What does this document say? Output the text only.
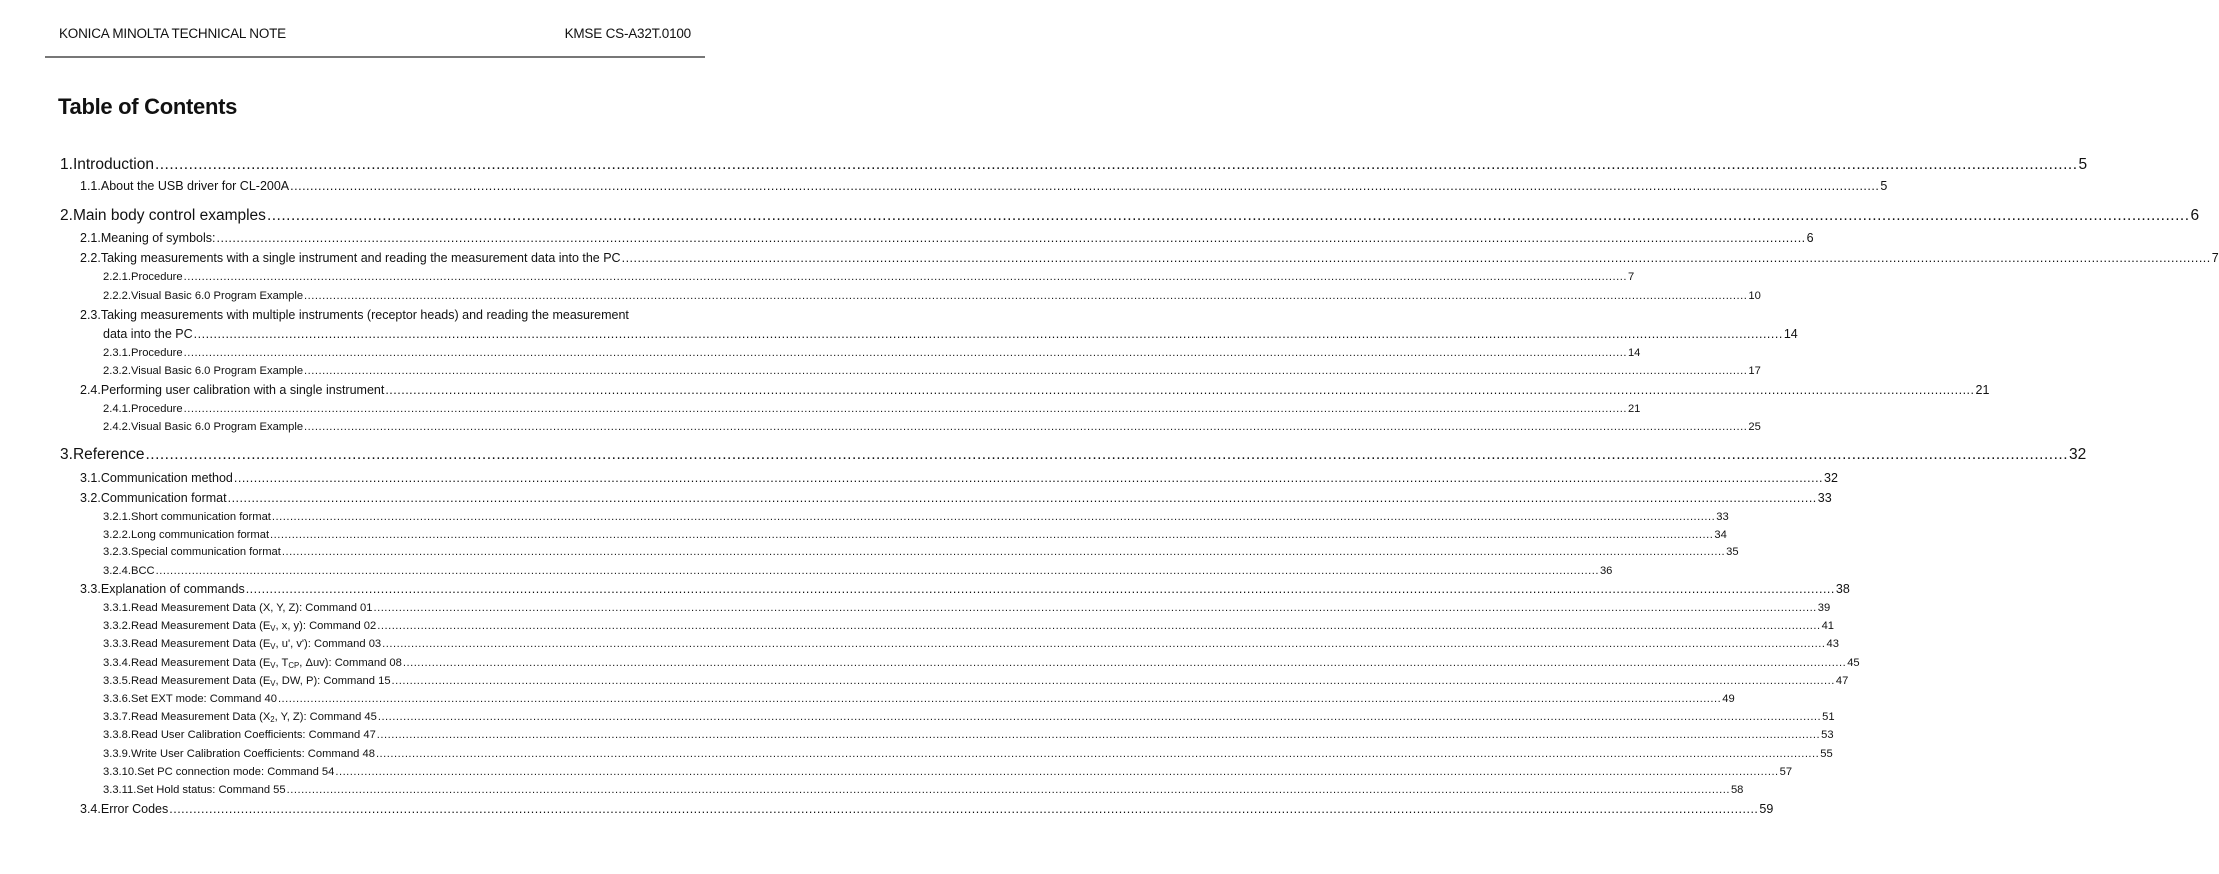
KONICA MINOLTA TECHNICAL NOTE	KMSE CS-A32T.0100
Table of Contents
1. Introduction ................................................................................................................................................................................................................................................................................................................................................................................................................ 5
1.1. About the USB driver for CL-200A ................................................................................................................................................................................................................................................................................................................................................................................................................ 5
2. Main body control examples ................................................................................................................................................................................................................................................................................................................................................................................................................ 6
2.1. Meaning of symbols: ................................................................................................................................................................................................................................................................................................................................................................................................................ 6
2.2. Taking measurements with a single instrument and reading the measurement data into the PC ................................................................................................................................................................................................................................................................................................................................................................................................................ 7
2.2.1. Procedure ................................................................................................................................................................................................................................................................................................................................................................................................................ 7
2.2.2. Visual Basic 6.0 Program Example ................................................................................................................................................................................................................................................................................................................................................................................................................ 10
2.3.Taking measurements with multiple instruments (receptor heads) and reading the measurement
data into the PC ................................................................................................................................................................................................................................................................................................................................................................................................................ 14
2.3.1. Procedure ................................................................................................................................................................................................................................................................................................................................................................................................................ 14
2.3.2. Visual Basic 6.0 Program Example ................................................................................................................................................................................................................................................................................................................................................................................................................ 17
2.4. Performing user calibration with a single instrument ................................................................................................................................................................................................................................................................................................................................................................................................................ 21
2.4.1. Procedure ................................................................................................................................................................................................................................................................................................................................................................................................................ 21
2.4.2. Visual Basic 6.0 Program Example ................................................................................................................................................................................................................................................................................................................................................................................................................ 25
3. Reference ................................................................................................................................................................................................................................................................................................................................................................................................................ 32
3.1. Communication method ................................................................................................................................................................................................................................................................................................................................................................................................................ 32
3.2. Communication format ................................................................................................................................................................................................................................................................................................................................................................................................................ 33
3.2.1. Short communication format ................................................................................................................................................................................................................................................................................................................................................................................................................ 33
3.2.2. Long communication format ................................................................................................................................................................................................................................................................................................................................................................................................................ 34
3.2.3. Special communication format ................................................................................................................................................................................................................................................................................................................................................................................................................ 35
3.2.4. BCC ................................................................................................................................................................................................................................................................................................................................................................................................................ 36
3.3. Explanation of commands ................................................................................................................................................................................................................................................................................................................................................................................................................ 38
3.3.1. Read Measurement Data (X, Y, Z): Command 01 ................................................................................................................................................................................................................................................................................................................................................................................................................ 39
3.3.2. Read Measurement Data ($E_V$, x, y): Command 02 ................................................................................................................................................................................................................................................................................................................................................................................................................ 41
3.3.3. Read Measurement Data ($E_V$, u', v'): Command 03 ................................................................................................................................................................................................................................................................................................................................................................................................................ 43
3.3.4. Read Measurement Data ($E_V$, $T_{CP}$, Δuv): Command 08 ................................................................................................................................................................................................................................................................................................................................................................................................................ 45
3.3.5. Read Measurement Data ($E_V$, DW, P): Command 15 ................................................................................................................................................................................................................................................................................................................................................................................................................ 47
3.3.6. Set EXT mode: Command 40 ................................................................................................................................................................................................................................................................................................................................................................................................................ 49
3.3.7. Read Measurement Data ($X_2$, Y, Z): Command 45 ................................................................................................................................................................................................................................................................................................................................................................................................................ 51
3.3.8. Read User Calibration Coefficients: Command 47 ................................................................................................................................................................................................................................................................................................................................................................................................................ 53
3.3.9. Write User Calibration Coefficients: Command 48 ................................................................................................................................................................................................................................................................................................................................................................................................................ 55
3.3.10. Set PC connection mode: Command 54 ................................................................................................................................................................................................................................................................................................................................................................................................................ 57
3.3.11. Set Hold status: Command 55 ................................................................................................................................................................................................................................................................................................................................................................................................................ 58
3.4. Error Codes ................................................................................................................................................................................................................................................................................................................................................................................................................ 59
